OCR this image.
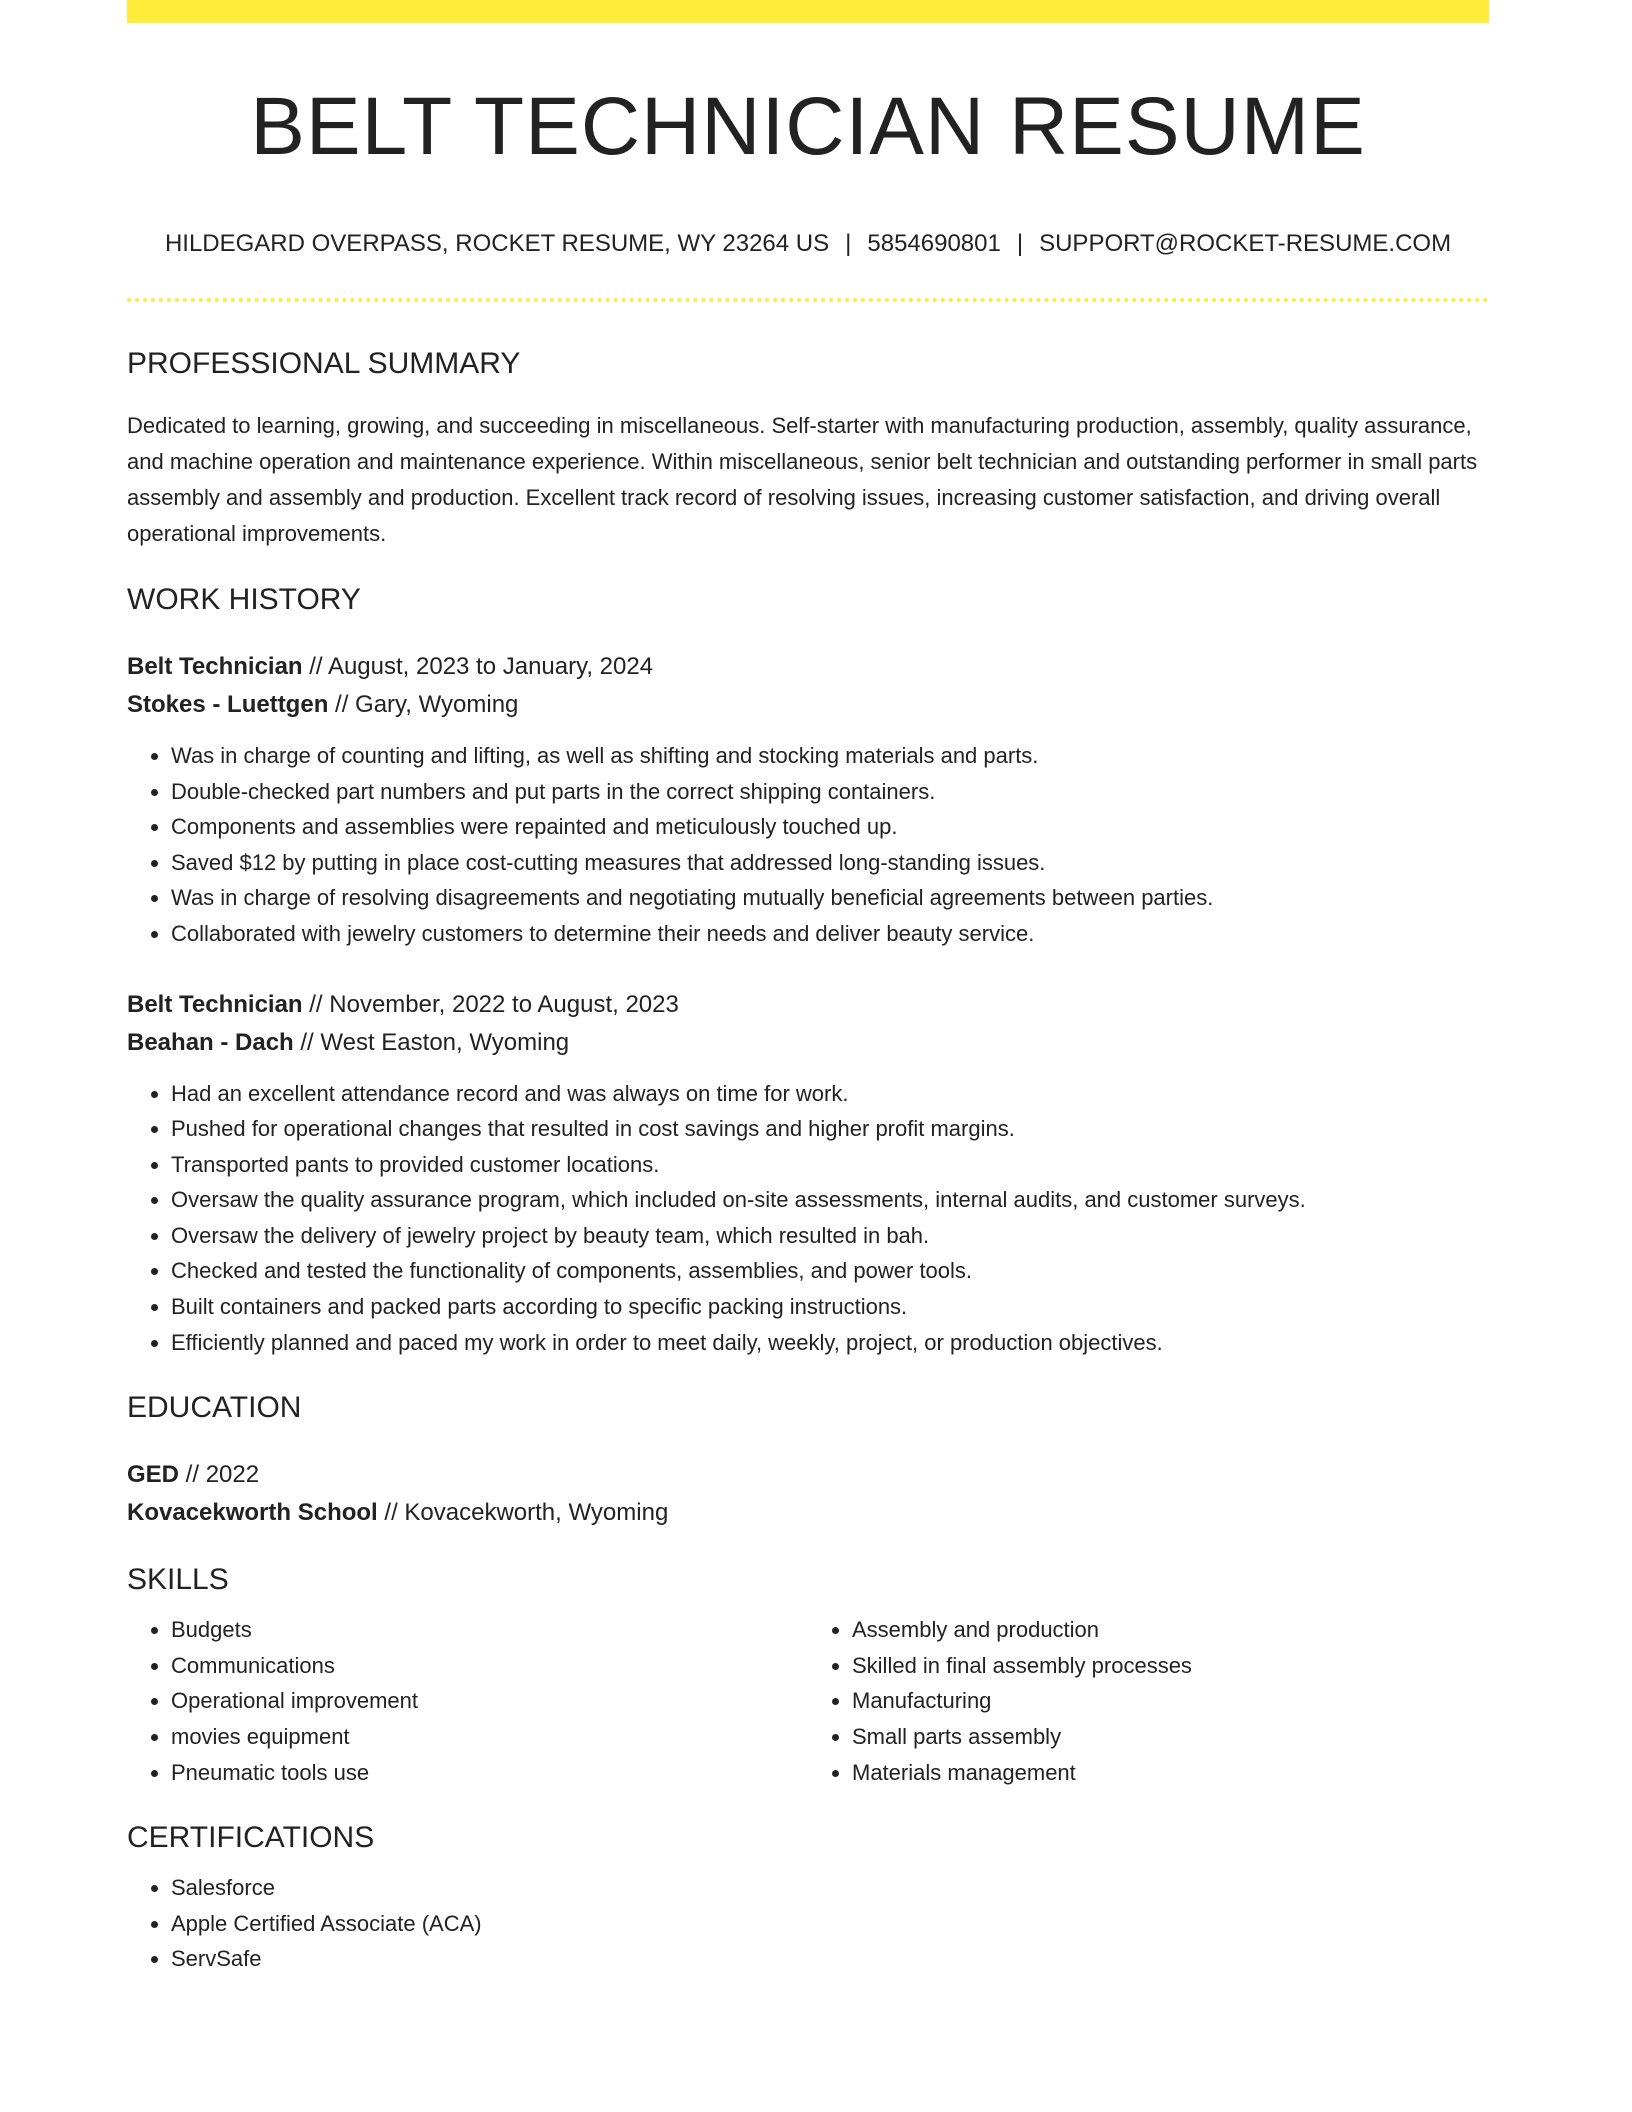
BELT TECHNICIAN RESUME
HILDEGARD OVERPASS, ROCKET RESUME, WY 23264 US | 5854690801 | SUPPORT@ROCKET-RESUME.COM
PROFESSIONAL SUMMARY

Dedicated to learning, growing, and succeeding in miscellaneous. Self-starter with manufacturing production, assembly, quality assurance, and machine operation and maintenance experience. Within miscellaneous, senior belt technician and outstanding performer in small parts assembly and assembly and production. Excellent track record of resolving issues, increasing customer satisfaction, and driving overall operational improvements.

WORK HISTORY
Belt Technician // August, 2023 to January, 2024
Stokes - Luettgen // Gary, Wyoming
• Was in charge of counting and lifting, as well as shifting and stocking materials and parts.
• Double-checked part numbers and put parts in the correct shipping containers.
• Components and assemblies were repainted and meticulously touched up.
• Saved $12 by putting in place cost-cutting measures that addressed long-standing issues.
• Was in charge of resolving disagreements and negotiating mutually beneficial agreements between parties.
• Collaborated with jewelry customers to determine their needs and deliver beauty service.
Belt Technician // November, 2022 to August, 2023
Beahan - Dach // West Easton, Wyoming
• Had an excellent attendance record and was always on time for work.
• Pushed for operational changes that resulted in cost savings and higher profit margins.
• Transported pants to provided customer locations.
• Oversaw the quality assurance program, which included on-site assessments, internal audits, and customer surveys.
• Oversaw the delivery of jewelry project by beauty team, which resulted in bah.
• Checked and tested the functionality of components, assemblies, and power tools.
• Built containers and packed parts according to specific packing instructions.
• Efficiently planned and paced my work in order to meet daily, weekly, project, or production objectives.
EDUCATION
GED // 2022
Kovacekworth School // Kovacekworth, Wyoming
SKILLS
• Budgets
• Communications
• Operational improvement
• movies equipment
• Pneumatic tools use
• Assembly and production
• Skilled in final assembly processes
• Manufacturing
• Small parts assembly
• Materials management
CERTIFICATIONS
• Salesforce
• Apple Certified Associate (ACA)
• ServSafe
